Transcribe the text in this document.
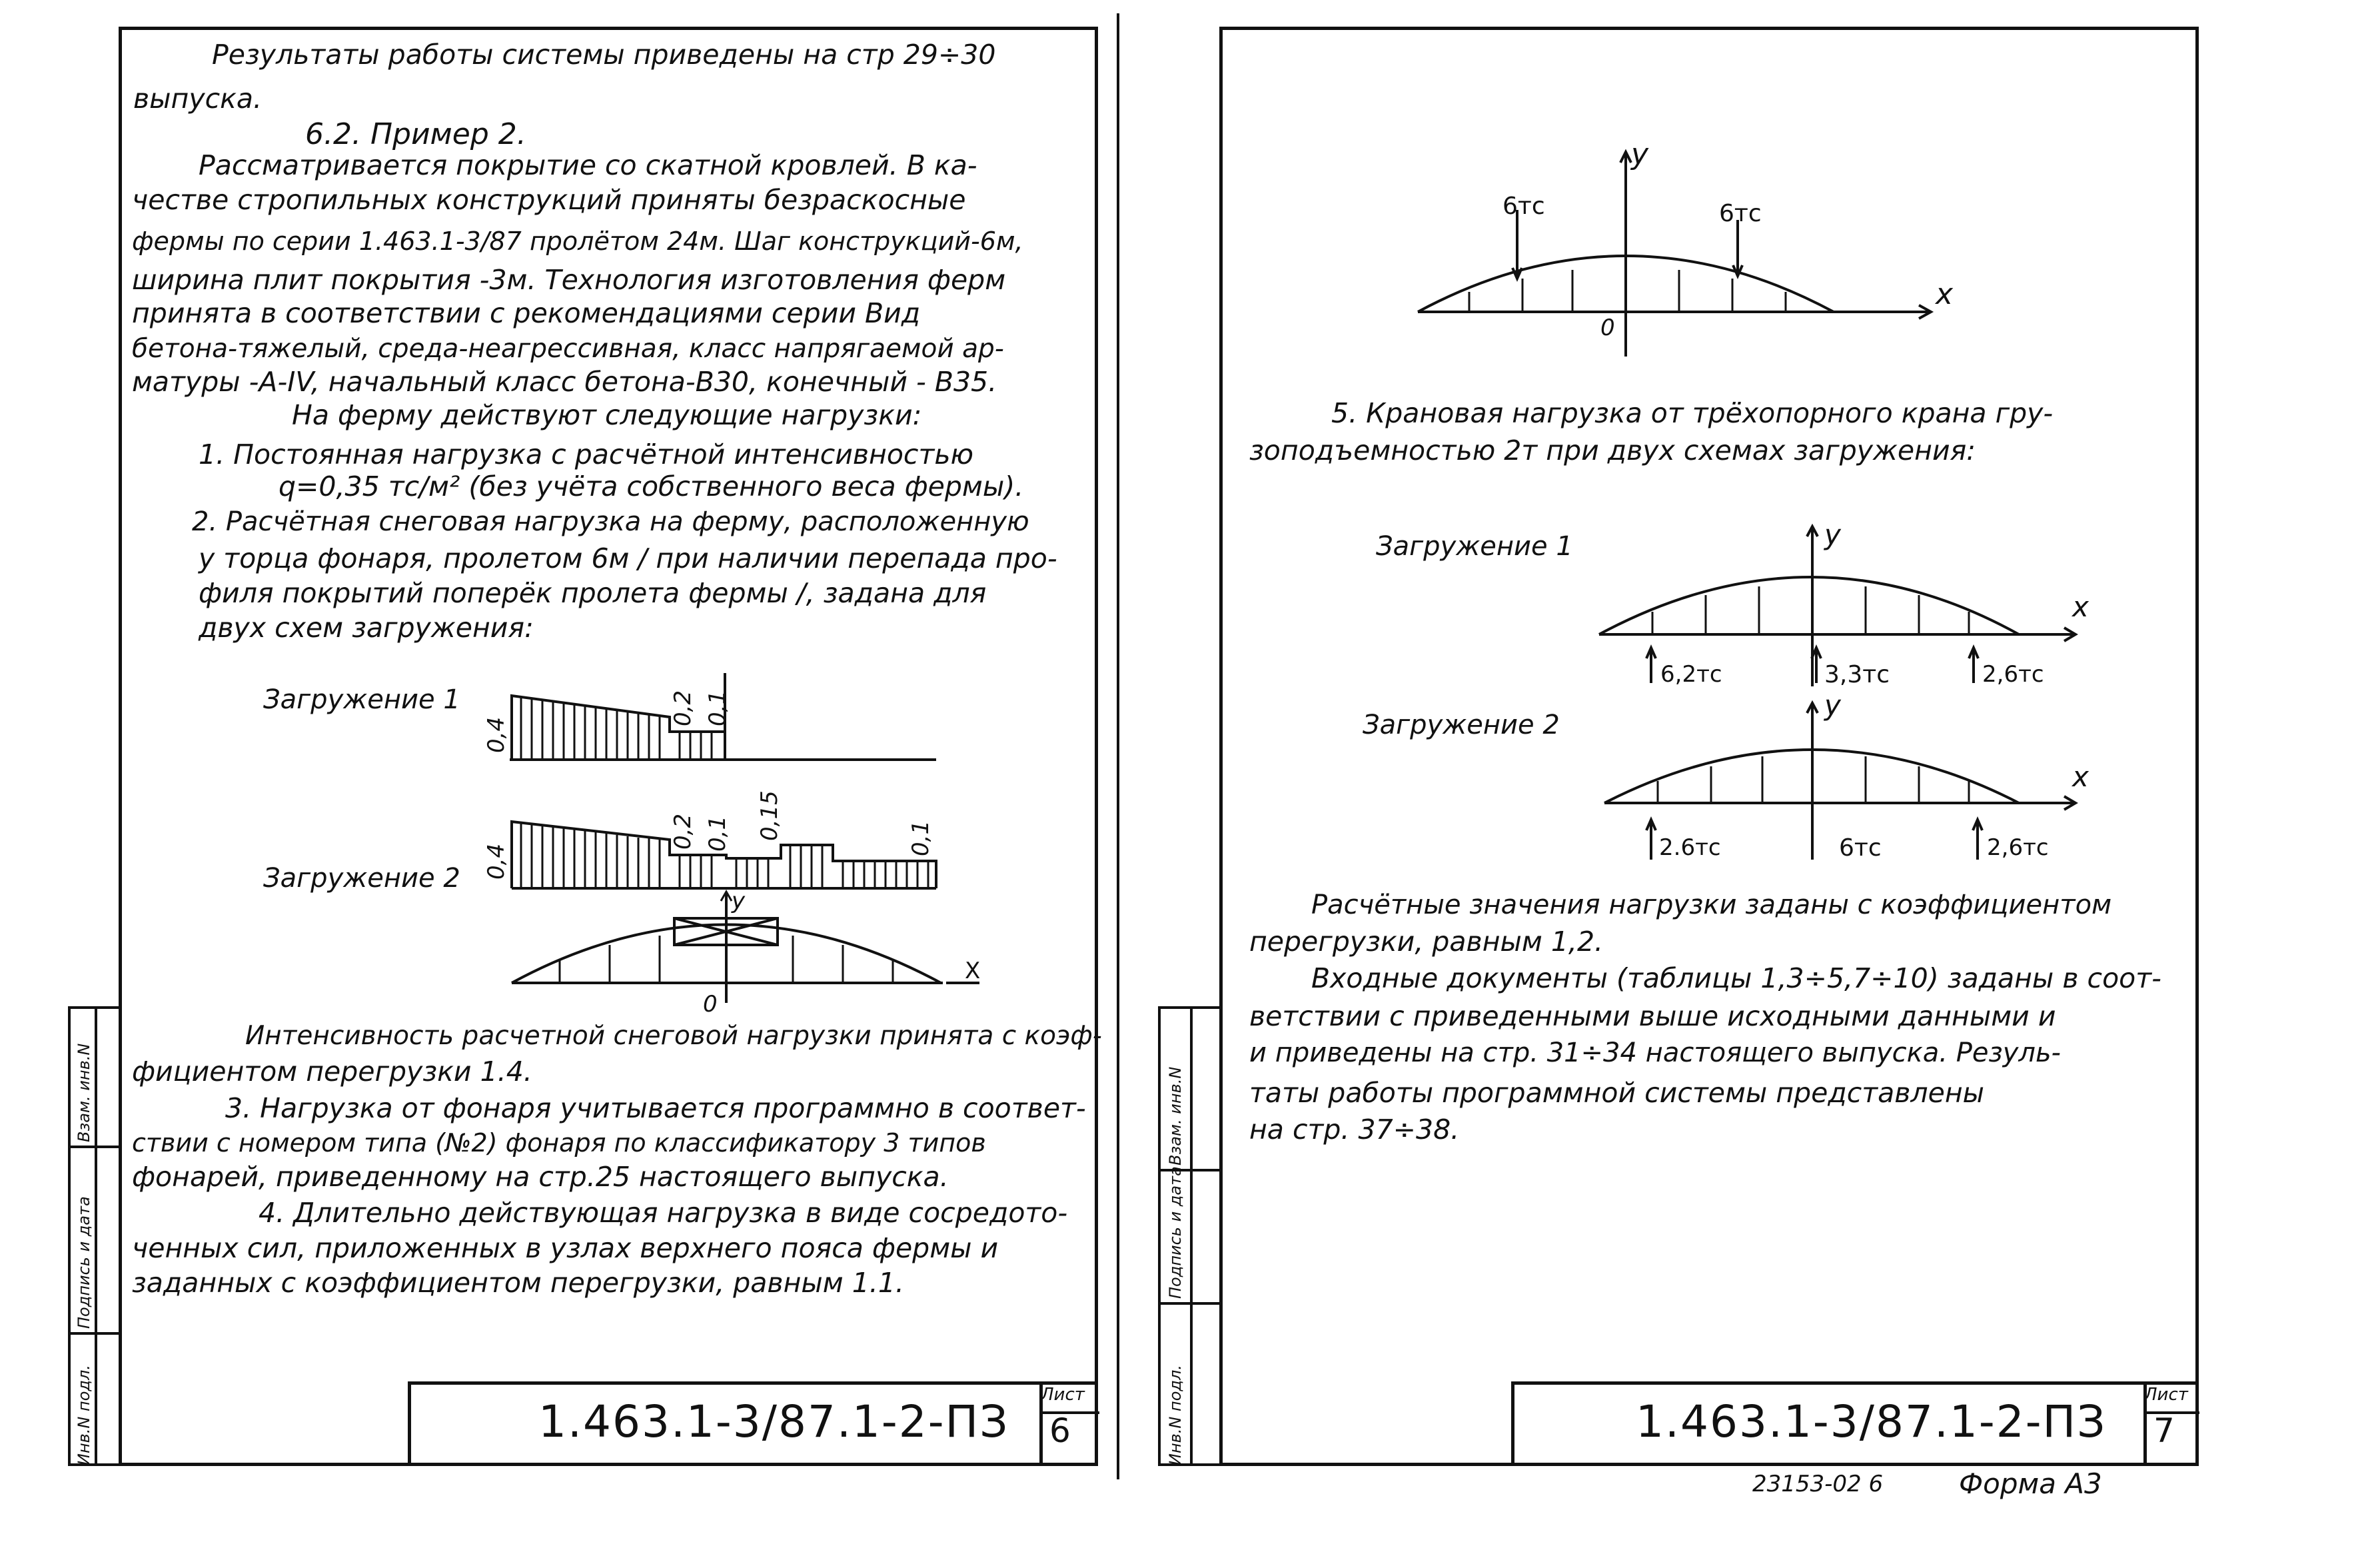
Инв.N подл.
Подпись и дата
Взам. инв.N
Результаты работы системы приведены на стр 29÷30
выпуска.
6.2. Пример 2.
Рассматривается покрытие со скатной кровлей. В ка-
честве стропильных конструкций приняты безраскосные
фермы по серии 1.463.1-3/87 пролётом 24м. Шаг конструкций-6м,
ширина плит покрытия -3м. Технология изготовления ферм
принята в соответствии с рекомендациями серии Вид
бетона-тяжелый, среда-неагрессивная, класс напрягаемой ар-
матуры -А-IV, начальный класс бетона-В30, конечный - В35.
На ферму действуют следующие нагрузки:
1. Постоянная нагрузка с расчётной интенсивностью
q=0,35 тс/м² (без учёта собственного веса фермы).
2. Расчётная снеговая нагрузка на ферму, расположенную
у торца фонаря, пролетом 6м / при наличии перепада про-
филя покрытий поперёк пролета фермы /, задана для
двух схем загружения:
Загружение 1
Загружение 2
0,4
0,2 0,1
0,4
0,2 0,1 0,15	0,1
y
X
0
Интенсивность расчетной снеговой нагрузки принята с коэф-
фициентом перегрузки 1.4.
3. Нагрузка от фонаря учитывается программно в соответ-
ствии с номером типа (№2) фонаря по классификатору 3 типов
фонарей, приведенному на стр.25 настоящего выпуска.
4. Длительно действующая нагрузка в виде сосредото-
ченных сил, приложенных в узлах верхнего пояса фермы и
заданных с коэффициентом перегрузки, равным 1.1.
1.463.1-3/87.1-2-ПЗ
Лист
6	Инв.N подл.
Подпись и дата
Взам. инв.N
6тс	6тс
y
x
0
5. Крановая нагрузка от трёхопорного крана гру-
зоподъемностью 2т при двух схемах загружения:
Загружение 1
Загружение 2
6,2тс	3,3тс	2,6тс
2.6тс	6тс	2,6тс
y
x
y
x
Расчётные значения нагрузки заданы с коэффициентом
перегрузки, равным 1,2.
Входные документы (таблицы 1,3÷5,7÷10) заданы в соот-
ветствии с приведенными выше исходными данными и
и приведены на стр. 31÷34 настоящего выпуска. Резуль-
таты работы программной системы представлены
на стр. 37÷38.
1.463.1-3/87.1-2-ПЗ
Лист
7
23153-02 6	Форма А3
